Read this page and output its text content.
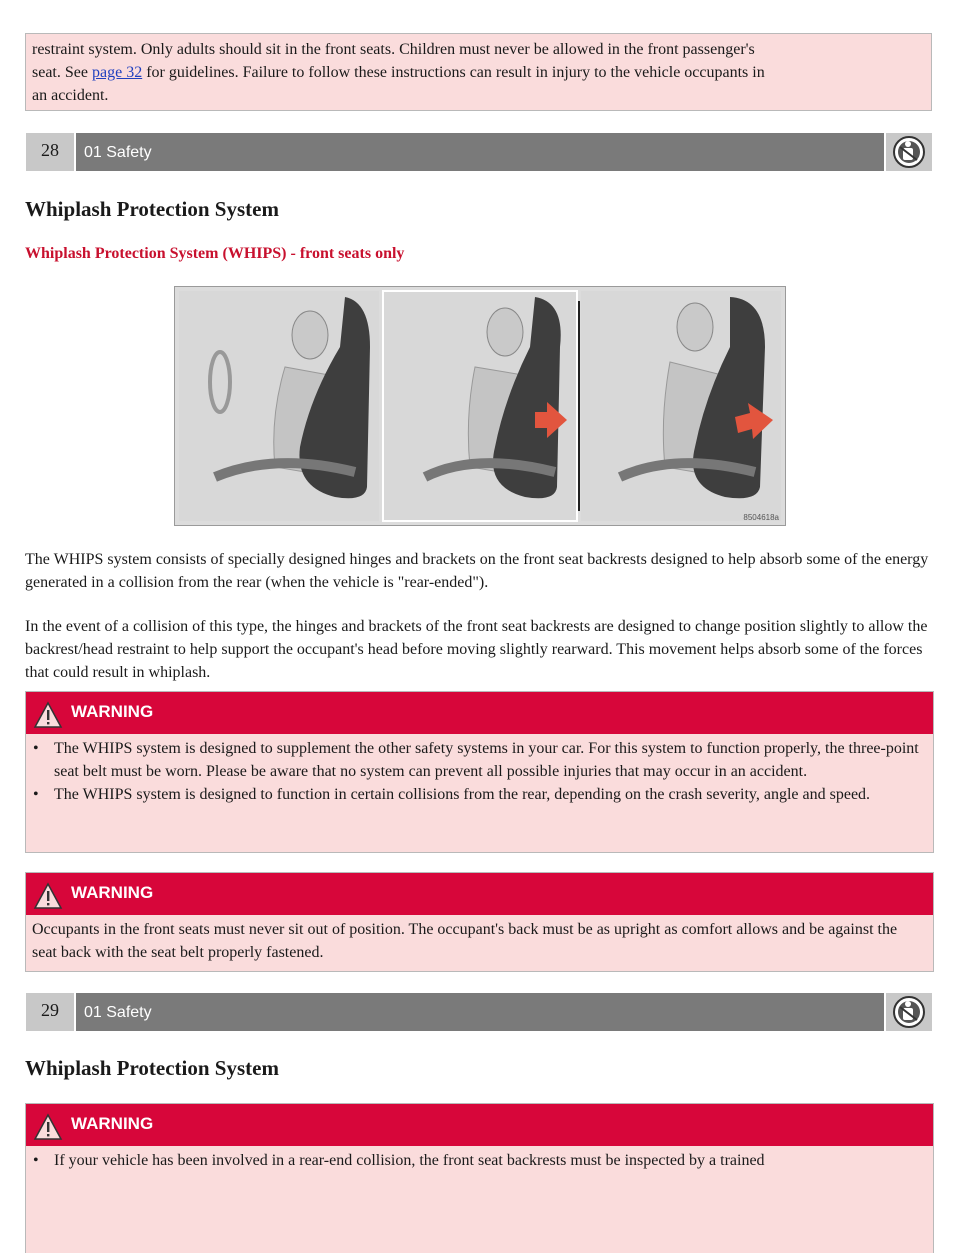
restraint system. Only adults should sit in the front seats. Children must never be allowed in the front passenger's
seat. See page 32 for guidelines. Failure to follow these instructions can result in injury to the vehicle occupants in
an accident.
28	01 Safety
Whiplash Protection System
Whiplash Protection System (WHIPS) - front seats only
8504618a
The WHIPS system consists of specially designed hinges and brackets on the front seat backrests designed to help absorb some of the energy generated in a collision from the rear (when the vehicle is "rear-ended").
In the event of a collision of this type, the hinges and brackets of the front seat backrests are designed to change position slightly to allow the backrest/head restraint to help support the occupant's head before moving slightly rearward. This movement helps absorb some of the forces that could result in whiplash.
WARNING
• The WHIPS system is designed to supplement the other safety systems in your car. For this system to function properly, the three-point seat belt must be worn. Please be aware that no system can prevent all possible injuries that may occur in an accident.
• The WHIPS system is designed to function in certain collisions from the rear, depending on the crash severity, angle and speed.
WARNING
Occupants in the front seats must never sit out of position. The occupant's back must be as upright as comfort allows and be against the seat back with the seat belt properly fastened.
29	01 Safety
Whiplash Protection System
WARNING
• If your vehicle has been involved in a rear-end collision, the front seat backrests must be inspected by a trained
